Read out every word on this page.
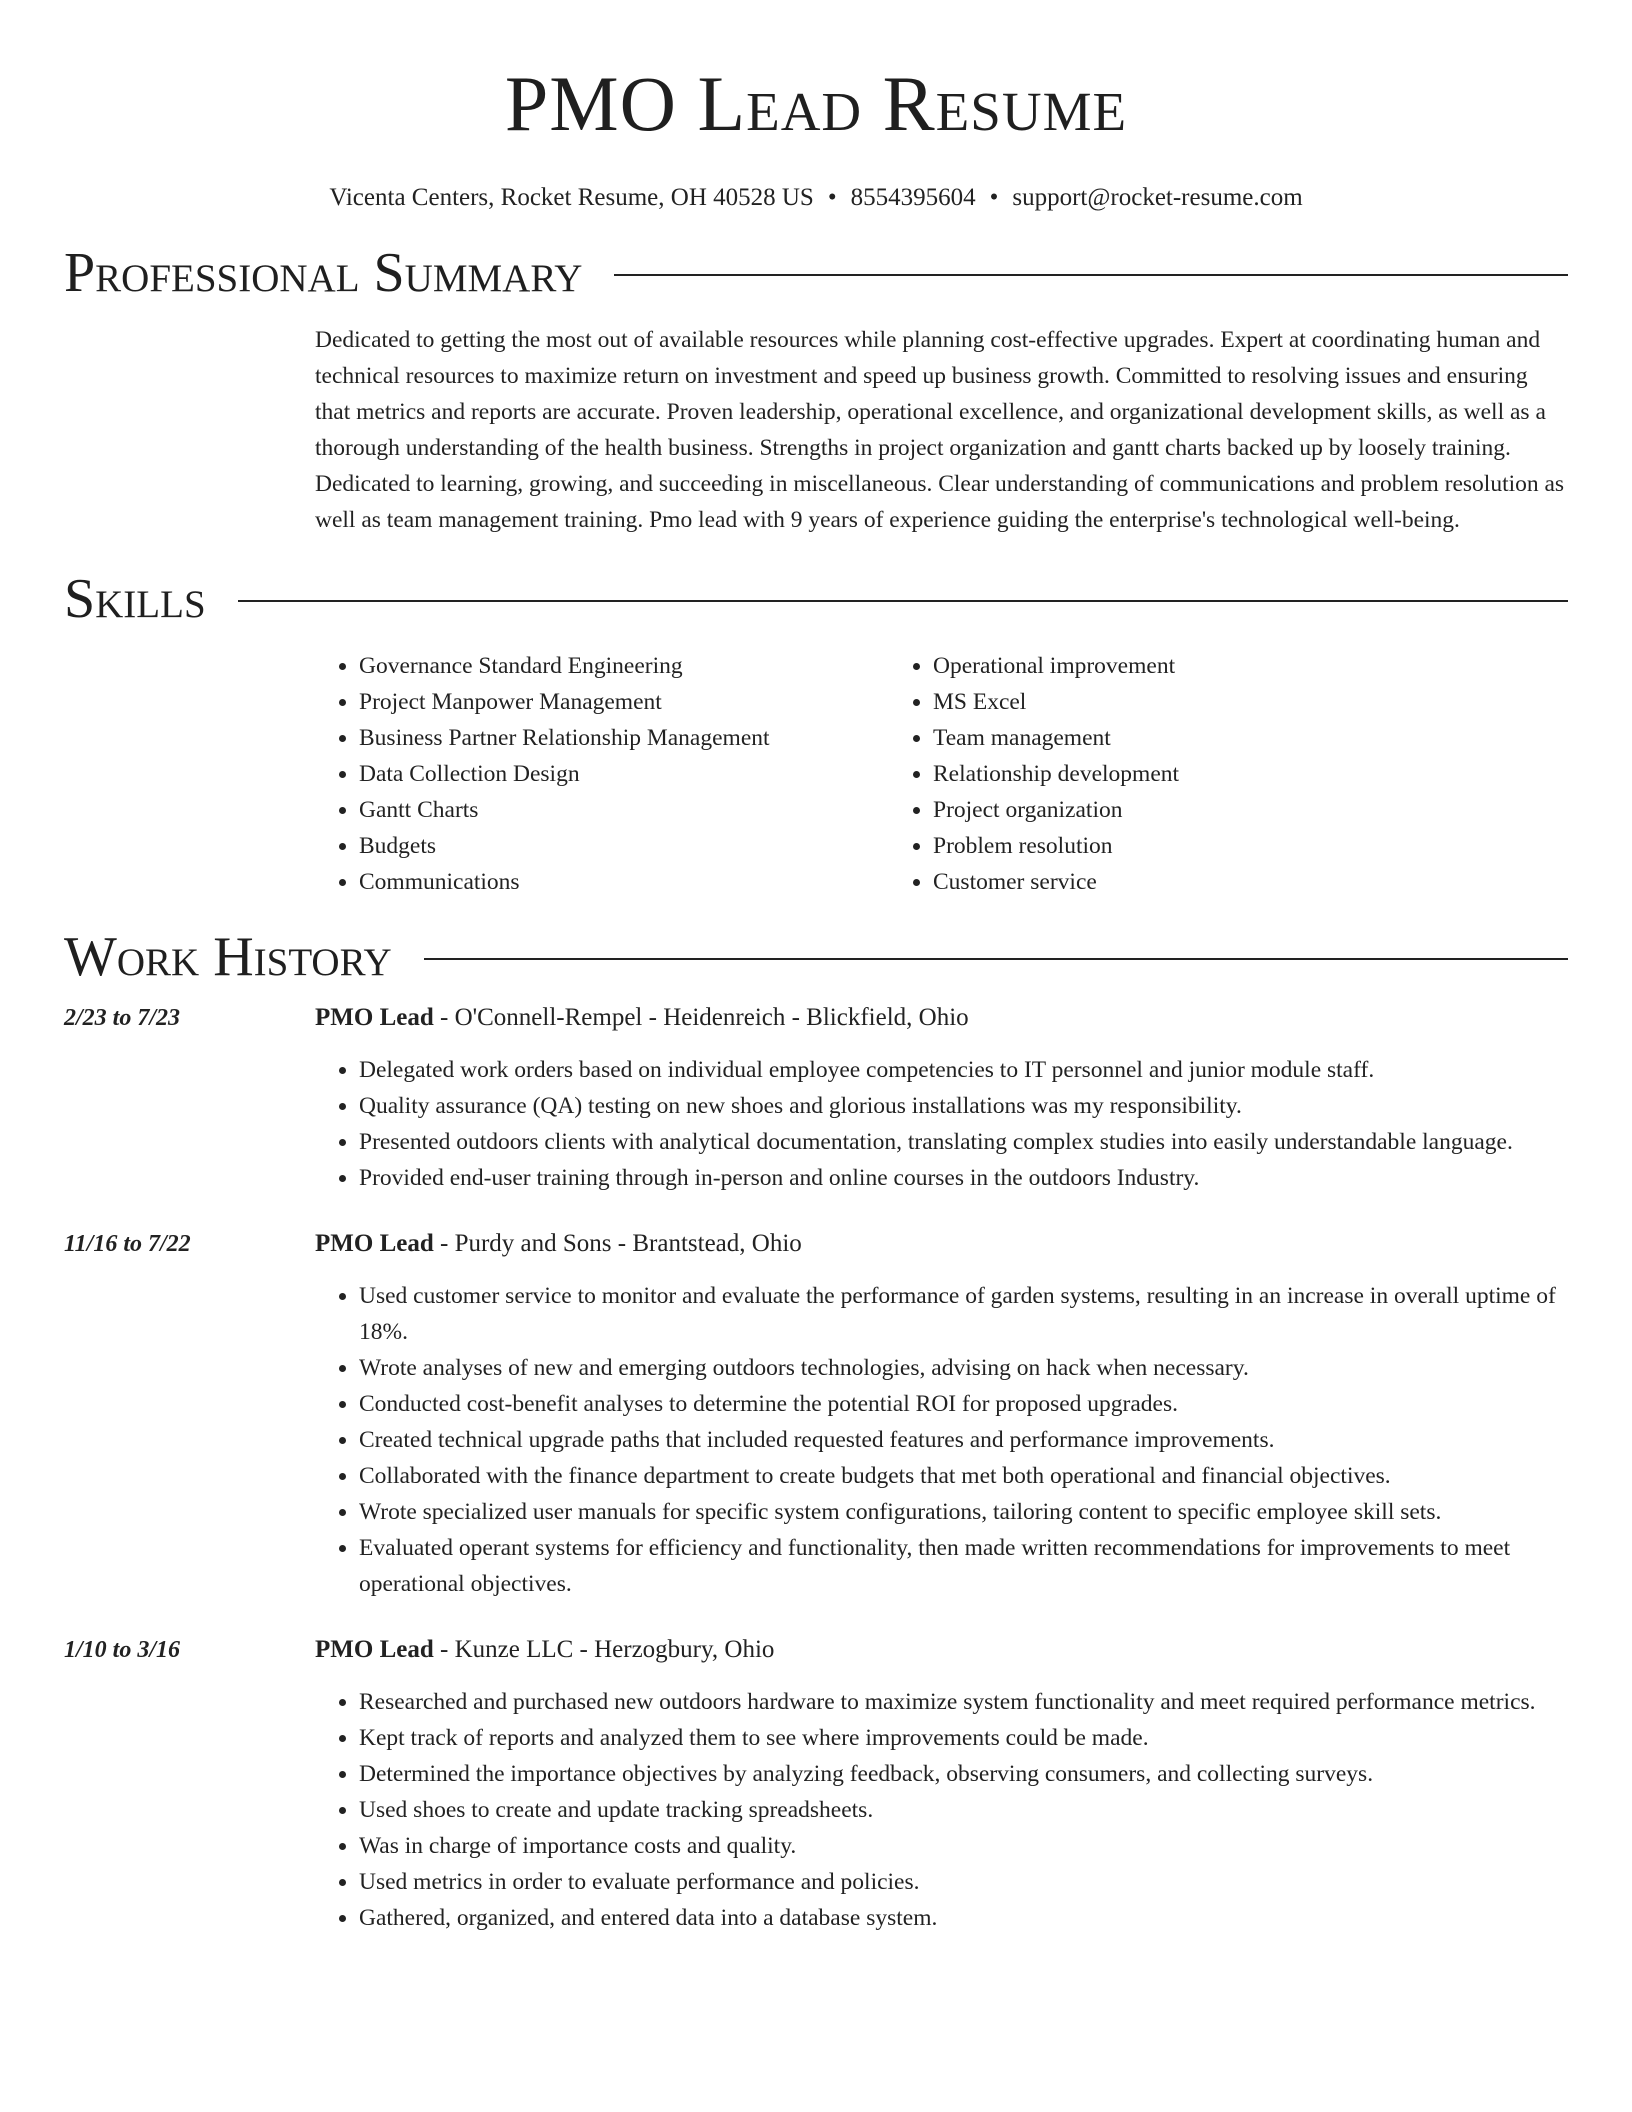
PMO Lead Resume
Vicenta Centers, Rocket Resume, OH 40528 US • 8554395604 • support@rocket-resume.com
Professional Summary

Dedicated to getting the most out of available resources while planning cost-effective upgrades. Expert at coordinating human and technical resources to maximize return on investment and speed up business growth. Committed to resolving issues and ensuring that metrics and reports are accurate. Proven leadership, operational excellence, and organizational development skills, as well as a thorough understanding of the health business. Strengths in project organization and gantt charts backed up by loosely training. Dedicated to learning, growing, and succeeding in miscellaneous. Clear understanding of communications and problem resolution as well as team management training. Pmo lead with 9 years of experience guiding the enterprise's technological well-being.

Skills
• Governance Standard Engineering
• Project Manpower Management
• Business Partner Relationship Management
• Data Collection Design
• Gantt Charts
• Budgets
• Communications
• Operational improvement
• MS Excel
• Team management
• Relationship development
• Project organization
• Problem resolution
• Customer service
Work History
2/23 to 7/23	PMO Lead - O'Connell-Rempel - Heidenreich - Blickfield, Ohio
• Delegated work orders based on individual employee competencies to IT personnel and junior module staff.
• Quality assurance (QA) testing on new shoes and glorious installations was my responsibility.
• Presented outdoors clients with analytical documentation, translating complex studies into easily understandable language.
• Provided end-user training through in-person and online courses in the outdoors Industry.
11/16 to 7/22	PMO Lead - Purdy and Sons - Brantstead, Ohio
• Used customer service to monitor and evaluate the performance of garden systems, resulting in an increase in overall uptime of 18%.
• Wrote analyses of new and emerging outdoors technologies, advising on hack when necessary.
• Conducted cost-benefit analyses to determine the potential ROI for proposed upgrades.
• Created technical upgrade paths that included requested features and performance improvements.
• Collaborated with the finance department to create budgets that met both operational and financial objectives.
• Wrote specialized user manuals for specific system configurations, tailoring content to specific employee skill sets.
• Evaluated operant systems for efficiency and functionality, then made written recommendations for improvements to meet operational objectives.
1/10 to 3/16	PMO Lead - Kunze LLC - Herzogbury, Ohio
• Researched and purchased new outdoors hardware to maximize system functionality and meet required performance metrics.
• Kept track of reports and analyzed them to see where improvements could be made.
• Determined the importance objectives by analyzing feedback, observing consumers, and collecting surveys.
• Used shoes to create and update tracking spreadsheets.
• Was in charge of importance costs and quality.
• Used metrics in order to evaluate performance and policies.
• Gathered, organized, and entered data into a database system.
